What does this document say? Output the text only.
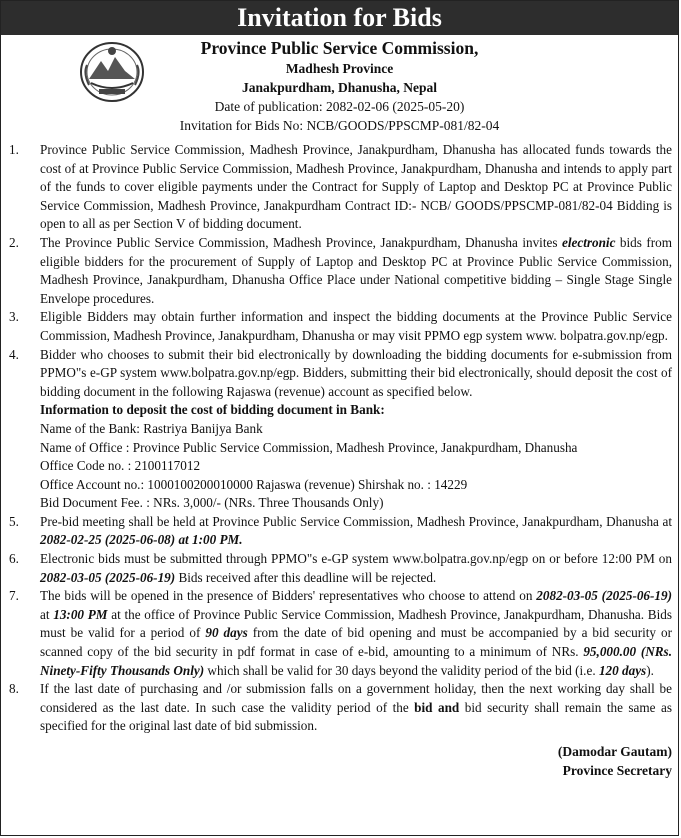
Invitation for Bids
Province Public Service Commission,
Madhesh Province
Janakpurdham, Dhanusha, Nepal
Date of publication: 2082-02-06 (2025-05-20)
Invitation for Bids No: NCB/GOODS/PPSCMP-081/82-04
1. Province Public Service Commission, Madhesh Province, Janakpurdham, Dhanusha has allocated funds towards the cost of at Province Public Service Commission, Madhesh Province, Janakpurdham, Dhanusha and intends to apply part of the funds to cover eligible payments under the Contract for Supply of Laptop and Desktop PC at Province Public Service Commission, Madhesh Province, Janakpurdham Contract ID:- NCB/ GOODS/PPSCMP-081/82-04 Bidding is open to all as per Section V of bidding document.
2. The Province Public Service Commission, Madhesh Province, Janakpurdham, Dhanusha invites electronic bids from eligible bidders for the procurement of Supply of Laptop and Desktop PC at Province Public Service Commission, Madhesh Province, Janakpurdham, Dhanusha Office Place under National competitive bidding – Single Stage Single Envelope procedures.
3. Eligible Bidders may obtain further information and inspect the bidding documents at the Province Public Service Commission, Madhesh Province, Janakpurdham, Dhanusha or may visit PPMO egp system www. bolpatra.gov.np/egp.
4. Bidder who chooses to submit their bid electronically by downloading the bidding documents for e-submission from PPMO"s e-GP system www.bolpatra.gov.np/egp. Bidders, submitting their bid electronically, should deposit the cost of bidding document in the following Rajaswa (revenue) account as specified below.
Information to deposit the cost of bidding document in Bank:
Name of the Bank: Rastriya Banijya Bank
Name of Office : Province Public Service Commission, Madhesh Province, Janakpurdham, Dhanusha
Office Code no. : 2100117012
Office Account no.: 1000100200010000 Rajaswa (revenue) Shirshak no. : 14229
Bid Document Fee. : NRs. 3,000/- (NRs. Three Thousands Only)
5. Pre-bid meeting shall be held at Province Public Service Commission, Madhesh Province, Janakpurdham, Dhanusha at 2082-02-25 (2025-06-08) at 1:00 PM.
6. Electronic bids must be submitted through PPMO"s e-GP system www.bolpatra.gov.np/egp on or before 12:00 PM on 2082-03-05 (2025-06-19) Bids received after this deadline will be rejected.
7. The bids will be opened in the presence of Bidders' representatives who choose to attend on 2082-03-05 (2025-06-19) at 13:00 PM at the office of Province Public Service Commission, Madhesh Province, Janakpurdham, Dhanusha. Bids must be valid for a period of 90 days from the date of bid opening and must be accompanied by a bid security or scanned copy of the bid security in pdf format in case of e-bid, amounting to a minimum of NRs. 95,000.00 (NRs. Ninety-Fifty Thousands Only) which shall be valid for 30 days beyond the validity period of the bid (i.e. 120 days).
8. If the last date of purchasing and /or submission falls on a government holiday, then the next working day shall be considered as the last date. In such case the validity period of the bid and bid security shall remain the same as specified for the original last date of bid submission.
(Damodar Gautam)
Province Secretary
